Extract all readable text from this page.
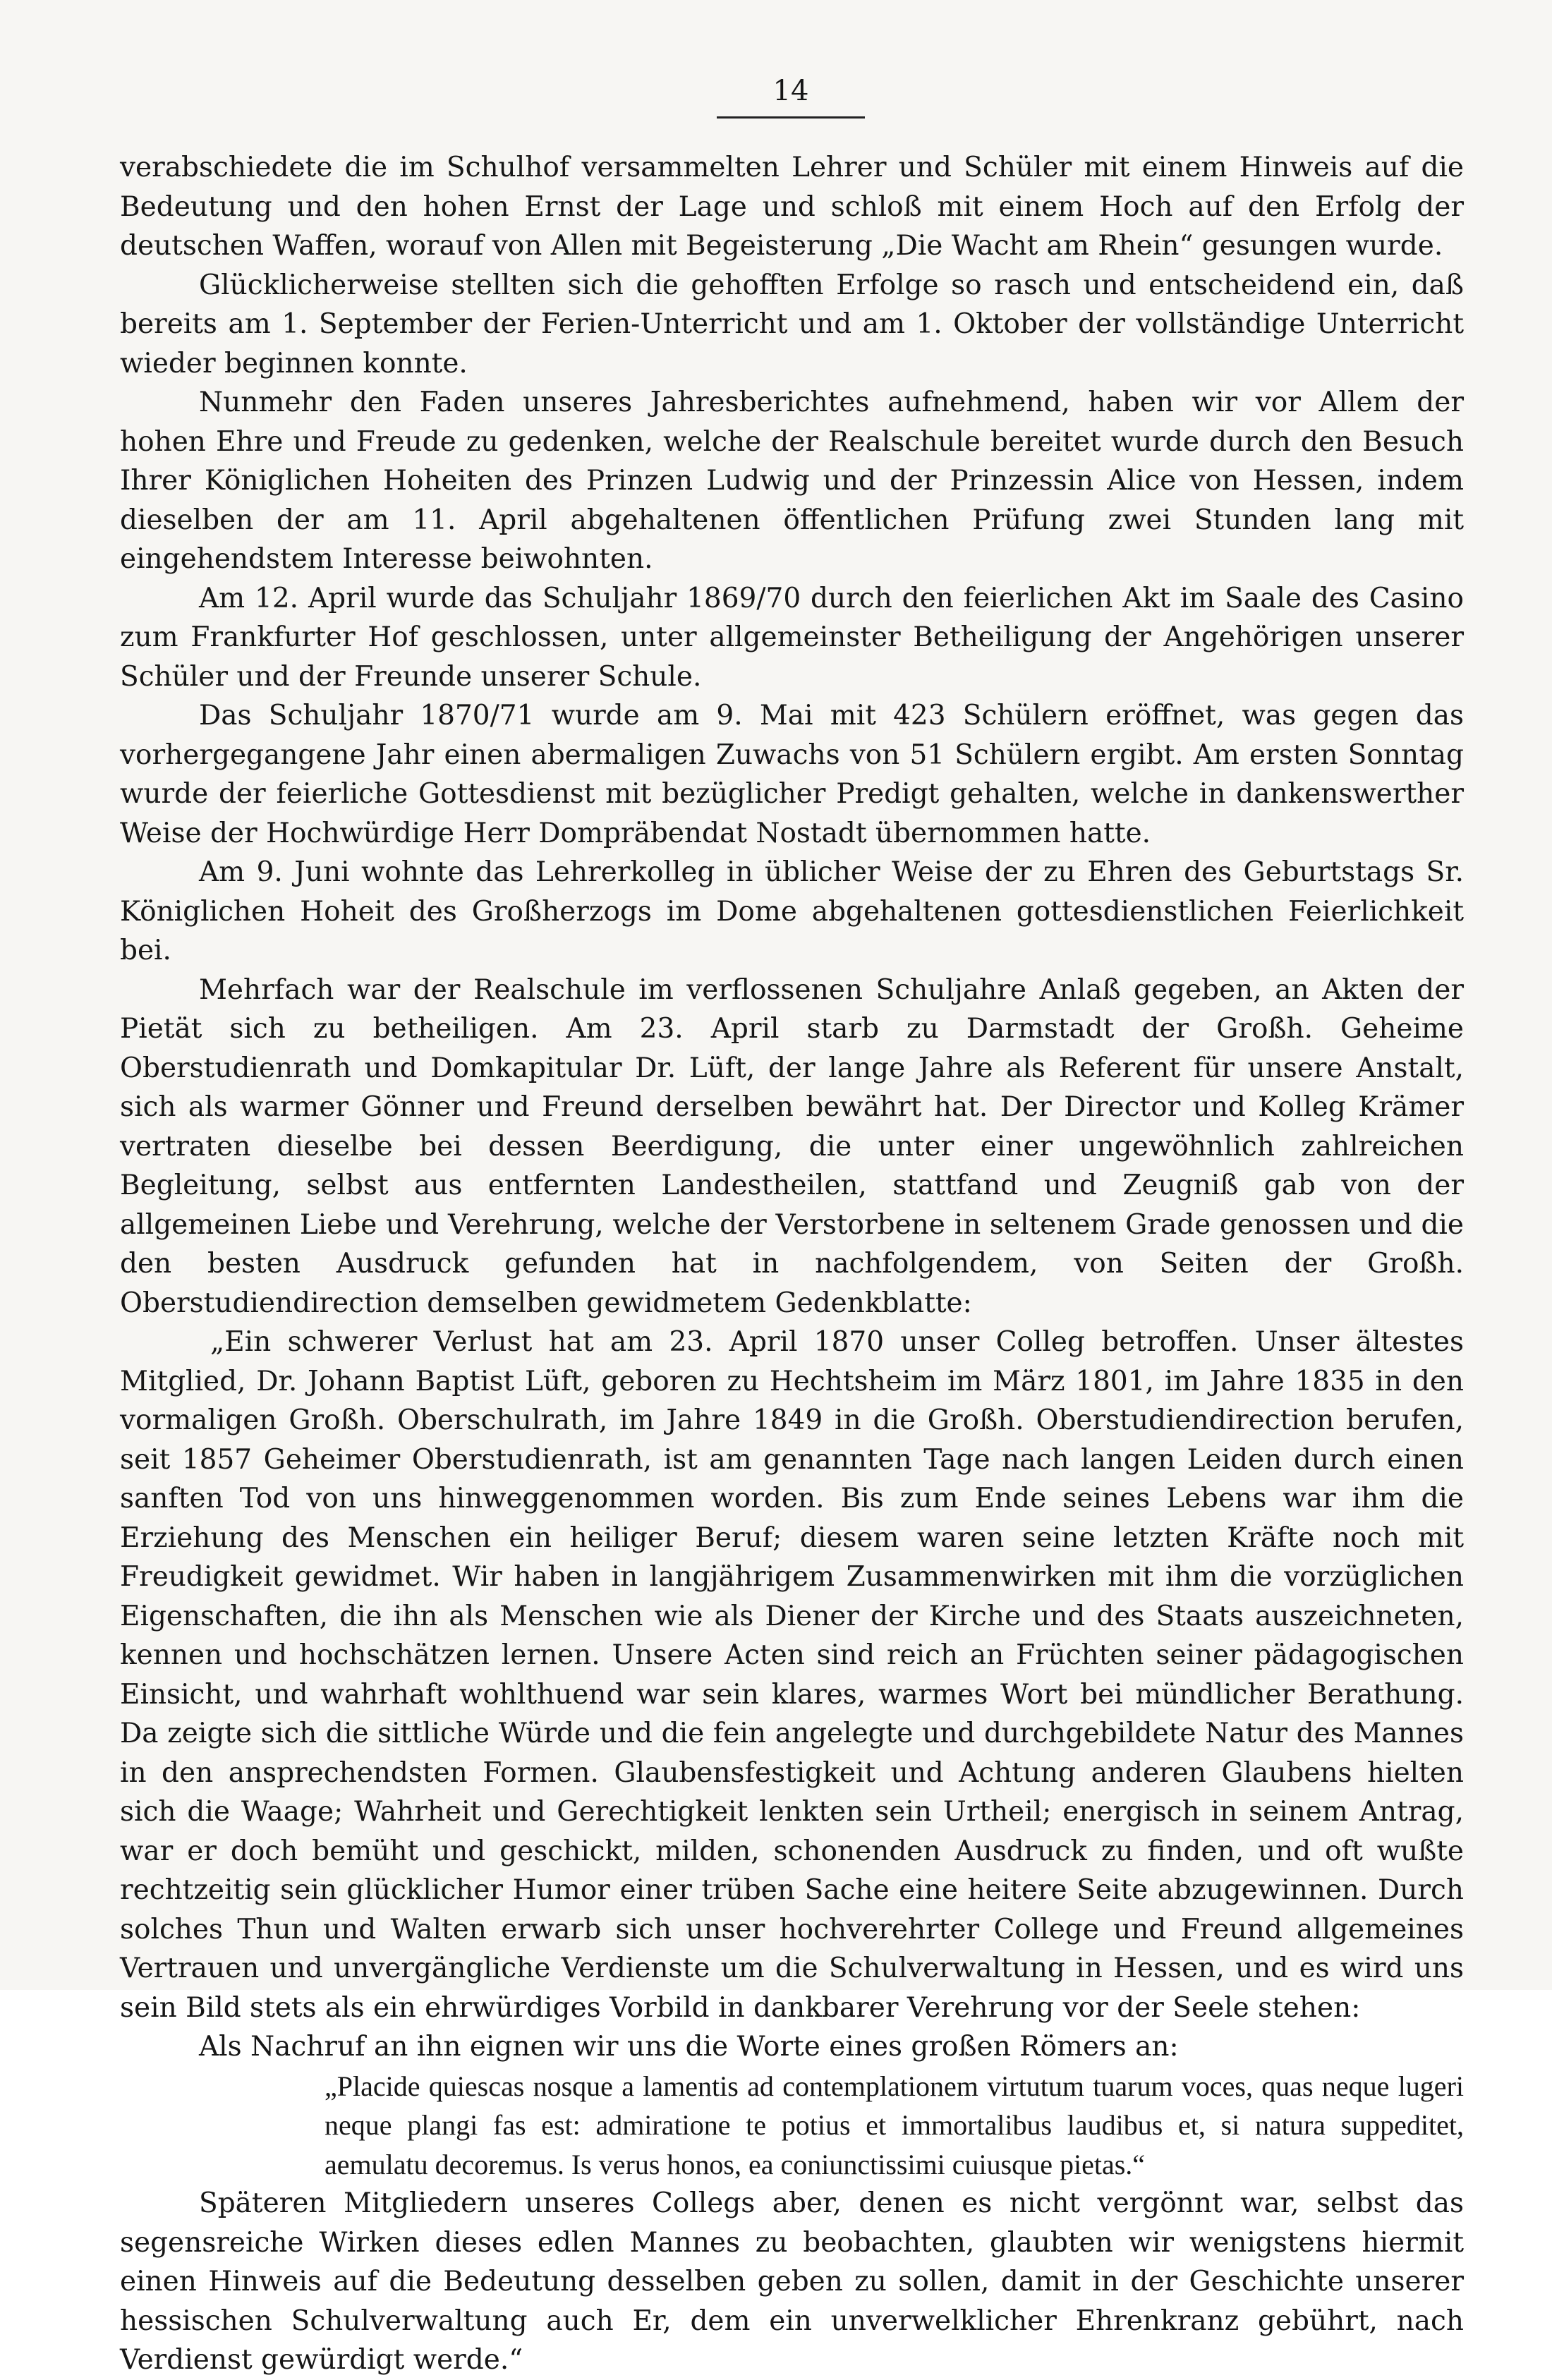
14

verabschiedete die im Schulhof versammelten Lehrer und Schüler mit einem Hinweis auf die Bedeutung und den hohen Ernst der Lage und schloß mit einem Hoch auf den Erfolg der deutschen Waffen, worauf von Allen mit Begeisterung „Die Wacht am Rhein“ gesungen wurde.

Glücklicherweise stellten sich die gehofften Erfolge so rasch und entscheidend ein, daß bereits am 1. September der Ferien-Unterricht und am 1. Oktober der vollständige Unterricht wieder beginnen konnte.

Nunmehr den Faden unseres Jahresberichtes aufnehmend, haben wir vor Allem der hohen Ehre und Freude zu gedenken, welche der Realschule bereitet wurde durch den Besuch Ihrer Königlichen Hoheiten des Prinzen Ludwig und der Prinzessin Alice von Hessen, indem dieselben der am 11. April abgehaltenen öffentlichen Prüfung zwei Stunden lang mit eingehendstem Interesse beiwohnten.

Am 12. April wurde das Schuljahr 1869/70 durch den feierlichen Akt im Saale des Casino zum Frankfurter Hof geschlossen, unter allgemeinster Betheiligung der Angehörigen unserer Schüler und der Freunde unserer Schule.

Das Schuljahr 1870/71 wurde am 9. Mai mit 423 Schülern eröffnet, was gegen das vorhergegangene Jahr einen abermaligen Zuwachs von 51 Schülern ergibt. Am ersten Sonntag wurde der feierliche Gottesdienst mit bezüglicher Predigt gehalten, welche in dankenswerther Weise der Hochwürdige Herr Dompräbendat Nostadt übernommen hatte.

Am 9. Juni wohnte das Lehrerkolleg in üblicher Weise der zu Ehren des Geburtstags Sr. Königlichen Hoheit des Großherzogs im Dome abgehaltenen gottesdienstlichen Feierlichkeit bei.

Mehrfach war der Realschule im verflossenen Schuljahre Anlaß gegeben, an Akten der Pietät sich zu betheiligen. Am 23. April starb zu Darmstadt der Großh. Geheime Oberstudienrath und Domkapitular Dr. Lüft, der lange Jahre als Referent für unsere Anstalt, sich als warmer Gönner und Freund derselben bewährt hat. Der Director und Kolleg Krämer vertraten dieselbe bei dessen Beerdigung, die unter einer ungewöhnlich zahlreichen Begleitung, selbst aus entfernten Landestheilen, stattfand und Zeugniß gab von der allgemeinen Liebe und Verehrung, welche der Verstorbene in seltenem Grade genossen und die den besten Ausdruck gefunden hat in nachfolgendem, von Seiten der Großh. Oberstudiendirection demselben gewidmetem Gedenkblatte:

„Ein schwerer Verlust hat am 23. April 1870 unser Colleg betroffen. Unser ältestes Mitglied, Dr. Johann Baptist Lüft, geboren zu Hechtsheim im März 1801, im Jahre 1835 in den vormaligen Großh. Oberschulrath, im Jahre 1849 in die Großh. Oberstudiendirection berufen, seit 1857 Geheimer Oberstudienrath, ist am genannten Tage nach langen Leiden durch einen sanften Tod von uns hinweggenommen worden. Bis zum Ende seines Lebens war ihm die Erziehung des Menschen ein heiliger Beruf; diesem waren seine letzten Kräfte noch mit Freudigkeit gewidmet. Wir haben in langjährigem Zusammenwirken mit ihm die vorzüglichen Eigenschaften, die ihn als Menschen wie als Diener der Kirche und des Staats auszeichneten, kennen und hochschätzen lernen. Unsere Acten sind reich an Früchten seiner pädagogischen Einsicht, und wahrhaft wohlthuend war sein klares, warmes Wort bei mündlicher Berathung. Da zeigte sich die sittliche Würde und die fein angelegte und durchgebildete Natur des Mannes in den ansprechendsten Formen. Glaubensfestigkeit und Achtung anderen Glaubens hielten sich die Waage; Wahrheit und Gerechtigkeit lenkten sein Urtheil; energisch in seinem Antrag, war er doch bemüht und geschickt, milden, schonenden Ausdruck zu finden, und oft wußte rechtzeitig sein glücklicher Humor einer trüben Sache eine heitere Seite abzugewinnen. Durch solches Thun und Walten erwarb sich unser hochverehrter College und Freund allgemeines Vertrauen und unvergängliche Verdienste um die Schulverwaltung in Hessen, und es wird uns sein Bild stets als ein ehrwürdiges Vorbild in dankbarer Verehrung vor der Seele stehen:

Als Nachruf an ihn eignen wir uns die Worte eines großen Römers an:

„Placide quiescas nosque a lamentis ad contemplationem virtutum tuarum voces, quas neque lugeri neque plangi fas est: admiratione te potius et immortalibus laudibus et, si natura suppeditet, aemulatu decoremus. Is verus honos, ea coniunctissimi cuiusque pietas.“

Späteren Mitgliedern unseres Collegs aber, denen es nicht vergönnt war, selbst das segensreiche Wirken dieses edlen Mannes zu beobachten, glaubten wir wenigstens hiermit einen Hinweis auf die Bedeutung desselben geben zu sollen, damit in der Geschichte unserer hessischen Schulverwaltung auch Er, dem ein unverwelklicher Ehrenkranz gebührt, nach Verdienst gewürdigt werde.“
